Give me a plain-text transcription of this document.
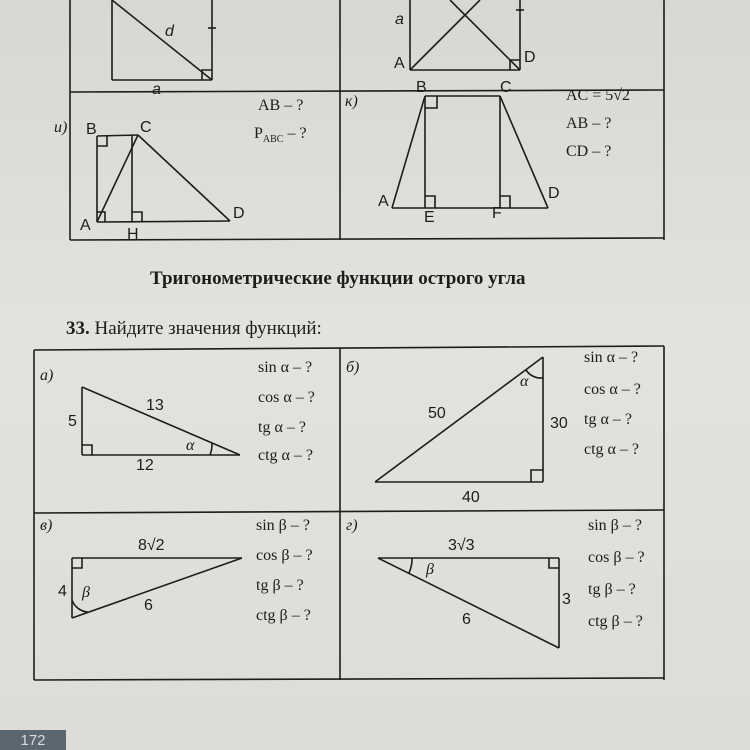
d
a
a
A	D
и) B	C
A
H
D
AB – ?
$P_{ABC}$ – ?
к)
B	C
A
E	F
D
AC = 5√2
AB – ?
CD – ?
Тригонометрические функции острого угла
33. Найдите значения функций:
а)
5
13
12
α
sin α – ?
cos α – ?
tg α – ?
ctg α – ?
б)
50
30
40
α
sin α – ?
cos α – ?
tg α – ?
ctg α – ?
в)
8√2
4
6
β
sin β – ?
cos β – ?
tg β – ?
ctg β – ?
г)
3√3
3
6
β
sin β – ?
cos β – ?
tg β – ?
ctg β – ?
172
